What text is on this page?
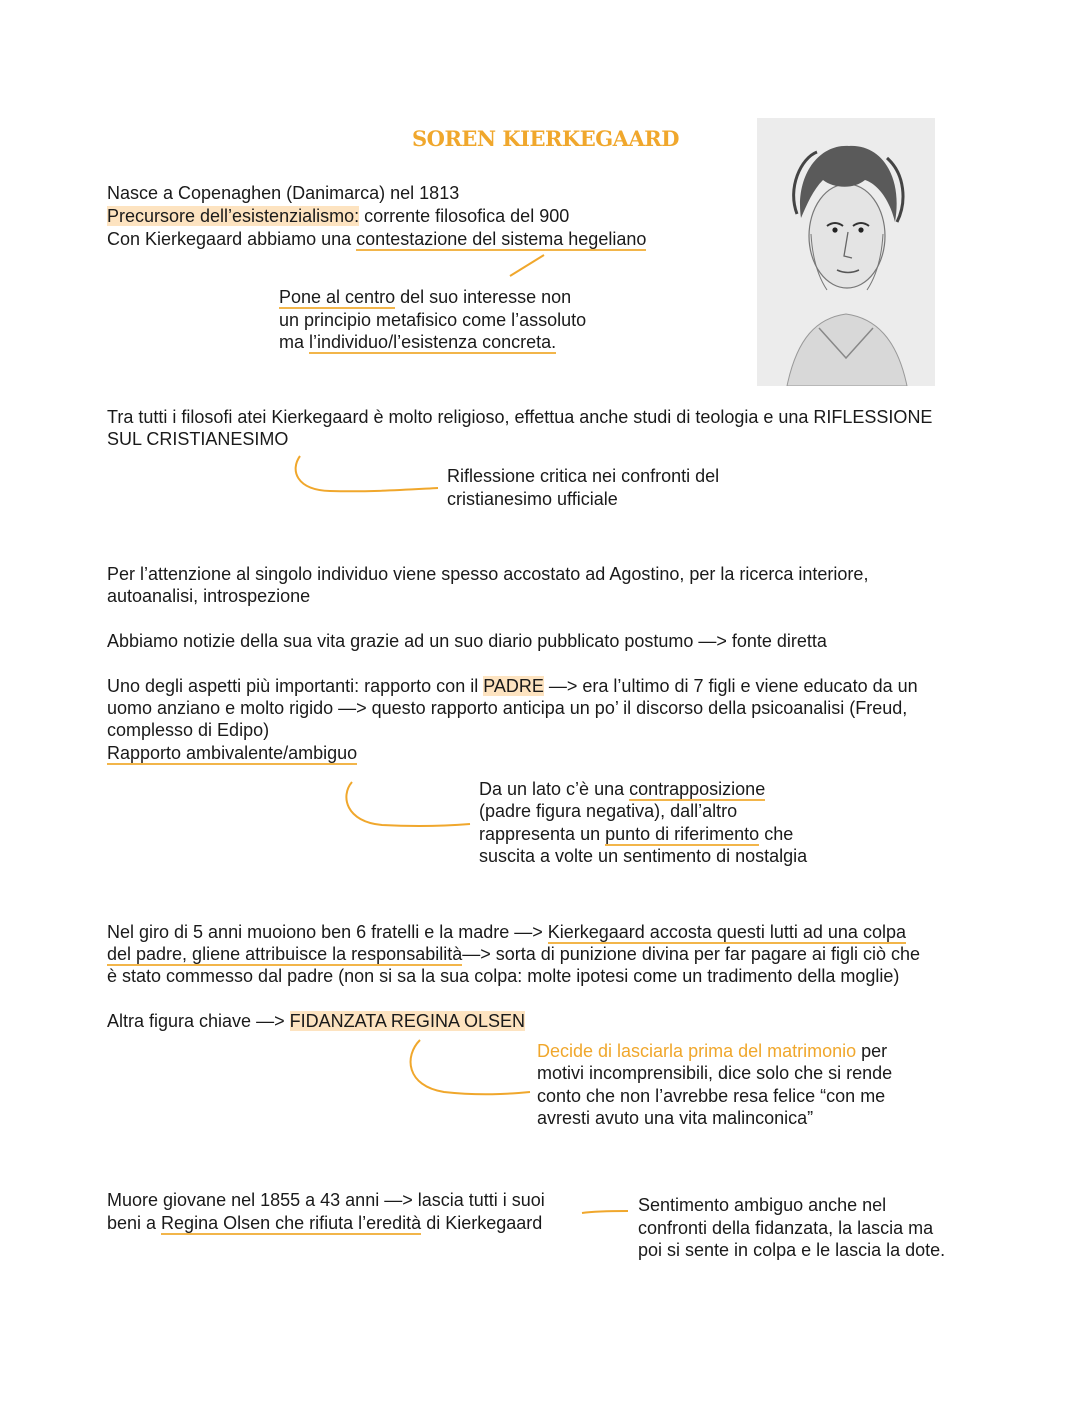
SOREN KIERKEGAARD
Nasce a Copenaghen (Danimarca) nel 1813
Precursore dell’esistenzialismo: corrente filosofica del 900
Con Kierkegaard abbiamo una contestazione del sistema hegeliano
Pone al centro del suo interesse non
un principio metafisico come l’assoluto
ma l’individuo/l’esistenza concreta.
Tra tutti i filosofi atei Kierkegaard è molto religioso, effettua anche studi di teologia e una RIFLESSIONE
SUL CRISTIANESIMO
Riflessione critica nei confronti del
cristianesimo ufficiale
Per l’attenzione al singolo individuo viene spesso accostato ad Agostino, per la ricerca interiore,
autoanalisi, introspezione
Abbiamo notizie della sua vita grazie ad un suo diario pubblicato postumo —> fonte diretta
Uno degli aspetti più importanti: rapporto con il PADRE —> era l’ultimo di 7 figli e viene educato da un
uomo anziano e molto rigido —> questo rapporto anticipa un po’ il discorso della psicoanalisi (Freud,
complesso di Edipo)
Rapporto ambivalente/ambiguo
Da un lato c’è una contrapposizione
(padre figura negativa), dall’altro
rappresenta un punto di riferimento che
suscita a volte un sentimento di nostalgia
Nel giro di 5 anni muoiono ben 6 fratelli e la madre —> Kierkegaard accosta questi lutti ad una colpa
del padre, gliene attribuisce la responsabilità—> sorta di punizione divina per far pagare ai figli ciò che
è stato commesso dal padre (non si sa la sua colpa: molte ipotesi come un tradimento della moglie)
Altra figura chiave —> FIDANZATA REGINA OLSEN
Decide di lasciarla prima del matrimonio per
motivi incomprensibili, dice solo che si rende
conto che non l’avrebbe resa felice “con me
avresti avuto una vita malinconica”
Muore giovane nel 1855 a 43 anni —> lascia tutti i suoi
beni a Regina Olsen che rifiuta l’eredità di Kierkegaard
Sentimento ambiguo anche nel
confronti della fidanzata, la lascia ma
poi si sente in colpa e le lascia la dote.
